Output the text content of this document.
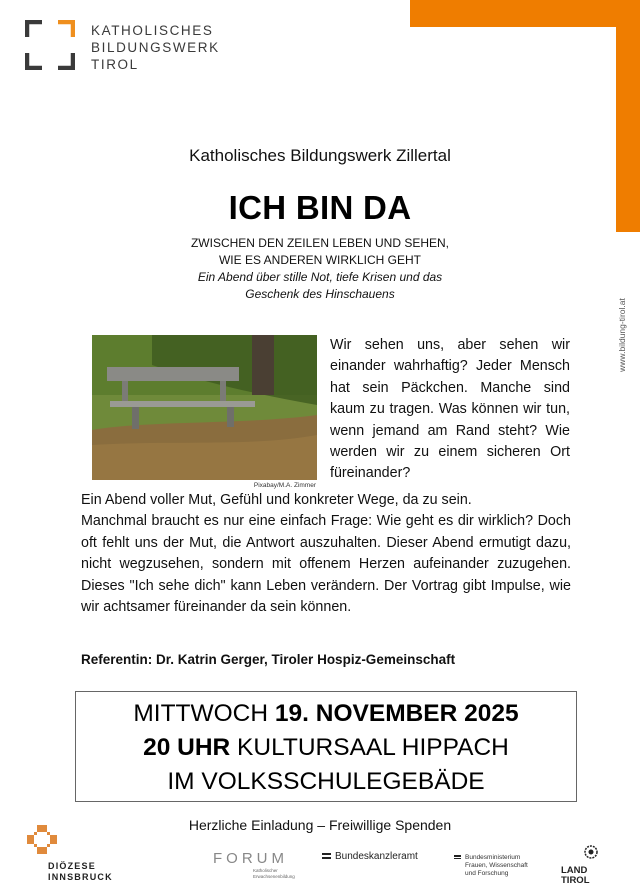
KATHOLISCHES
BILDUNGSWERK
TIROL
www.bildung-tirol.at
Katholisches Bildungswerk Zillertal
ICH BIN DA
ZWISCHEN DEN ZEILEN LEBEN UND SEHEN,
WIE ES ANDEREN WIRKLICH GEHT
Ein Abend über stille Not, tiefe Krisen und das
Geschenk des Hinschauens
Pixabay/M.A. Zimmer
Wir sehen uns, aber sehen wir einander wahrhaftig? Jeder Mensch hat sein Päckchen. Manche sind kaum zu tragen. Was können wir tun, wenn jemand am Rand steht? Wie werden wir zu einem sicheren Ort füreinander?

Ein Abend voller Mut, Gefühl und konkreter Wege, da zu sein.

Manchmal braucht es nur eine einfach Frage: Wie geht es dir wirklich? Doch oft fehlt uns der Mut, die Antwort auszuhalten. Dieser Abend ermutigt dazu, nicht wegzusehen, sondern mit offenem Herzen aufeinander zuzugehen. Dieses "Ich sehe dich" kann Leben verändern. Der Vortrag gibt Impulse, wie wir achtsamer füreinander da sein können.

Referentin: Dr. Katrin Gerger, Tiroler Hospiz-Gemeinschaft
MITTWOCH 19. NOVEMBER 2025
20 UHR KULTURSAAL HIPPACH
IM VOLKSSCHULEGEBÄDE
Herzliche Einladung – Freiwillige Spenden
DIÖZESE
INNSBRUCK
FORUM
Katholischer
Erwachsenenbildung
Bundeskanzleramt	Bundesministerium
Frauen, Wissenschaft
und Forschung	LAND
TIROL
